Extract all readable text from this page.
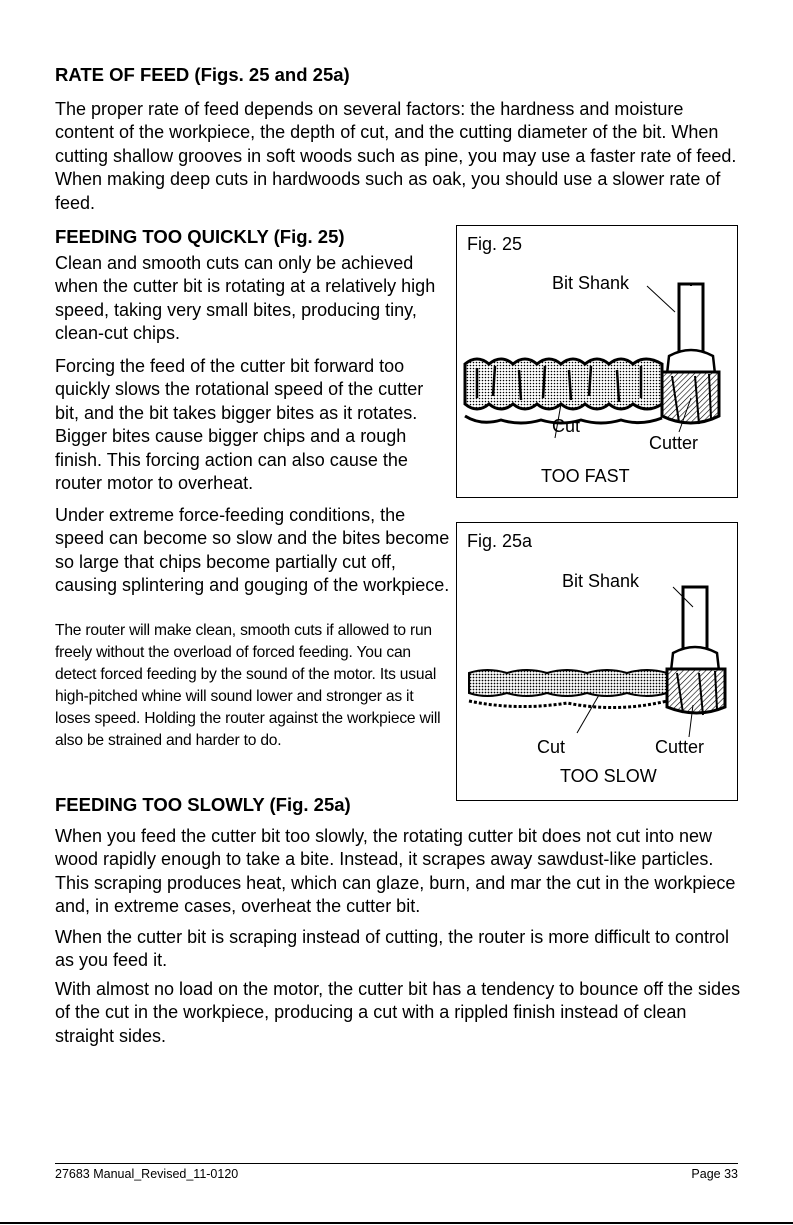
RATE OF FEED (Figs. 25 and 25a)

The proper rate of feed depends on several factors: the hardness and moisture content of the workpiece, the depth of cut, and the cutting diameter of the bit. When cutting shallow grooves in soft woods such as pine, you may use a faster rate of feed. When making deep cuts in hardwoods such as oak, you should use a slower rate of feed.

FEEDING TOO QUICKLY (Fig. 25)

Clean and smooth cuts can only be achieved when the cutter bit is rotating at a relatively high speed, taking very small bites, producing tiny, clean-cut chips.

Forcing the feed of the cutter bit forward too quickly slows the rotational speed of the cutter bit, and the bit takes bigger bites as it rotates. Bigger bites cause bigger chips and a rough finish. This forcing action can also cause the router motor to overheat.

Under extreme force-feeding conditions, the speed can become so slow and the bites become so large that chips become partially cut off, causing splintering and gouging of the workpiece.

The router will make clean, smooth cuts if allowed to run freely without the overload of forced feeding. You can detect forced feeding by the sound of the motor. Its usual high-pitched whine will sound lower and stronger as it loses speed. Holding the router against the workpiece will also be strained and harder to do.

FEEDING TOO SLOWLY (Fig. 25a)

When you feed the cutter bit too slowly, the rotating cutter bit does not cut into new wood rapidly enough to take a bite. Instead, it scrapes away sawdust-like particles. This scraping produces heat, which can glaze, burn, and mar the cut in the workpiece and, in extreme cases, overheat the cutter bit.

When the cutter bit is scraping instead of cutting, the router is more difficult to control as you feed it.

With almost no load on the motor, the cutter bit has a tendency to bounce off the sides of the cut in the workpiece, producing a cut with a rippled finish instead of clean straight sides.

Fig. 25
Bit Shank
Cut
Cutter
TOO FAST
Fig. 25a
Bit Shank
Cut	Cutter
TOO SLOW
27683 Manual_Revised_11-0120	Page 33
